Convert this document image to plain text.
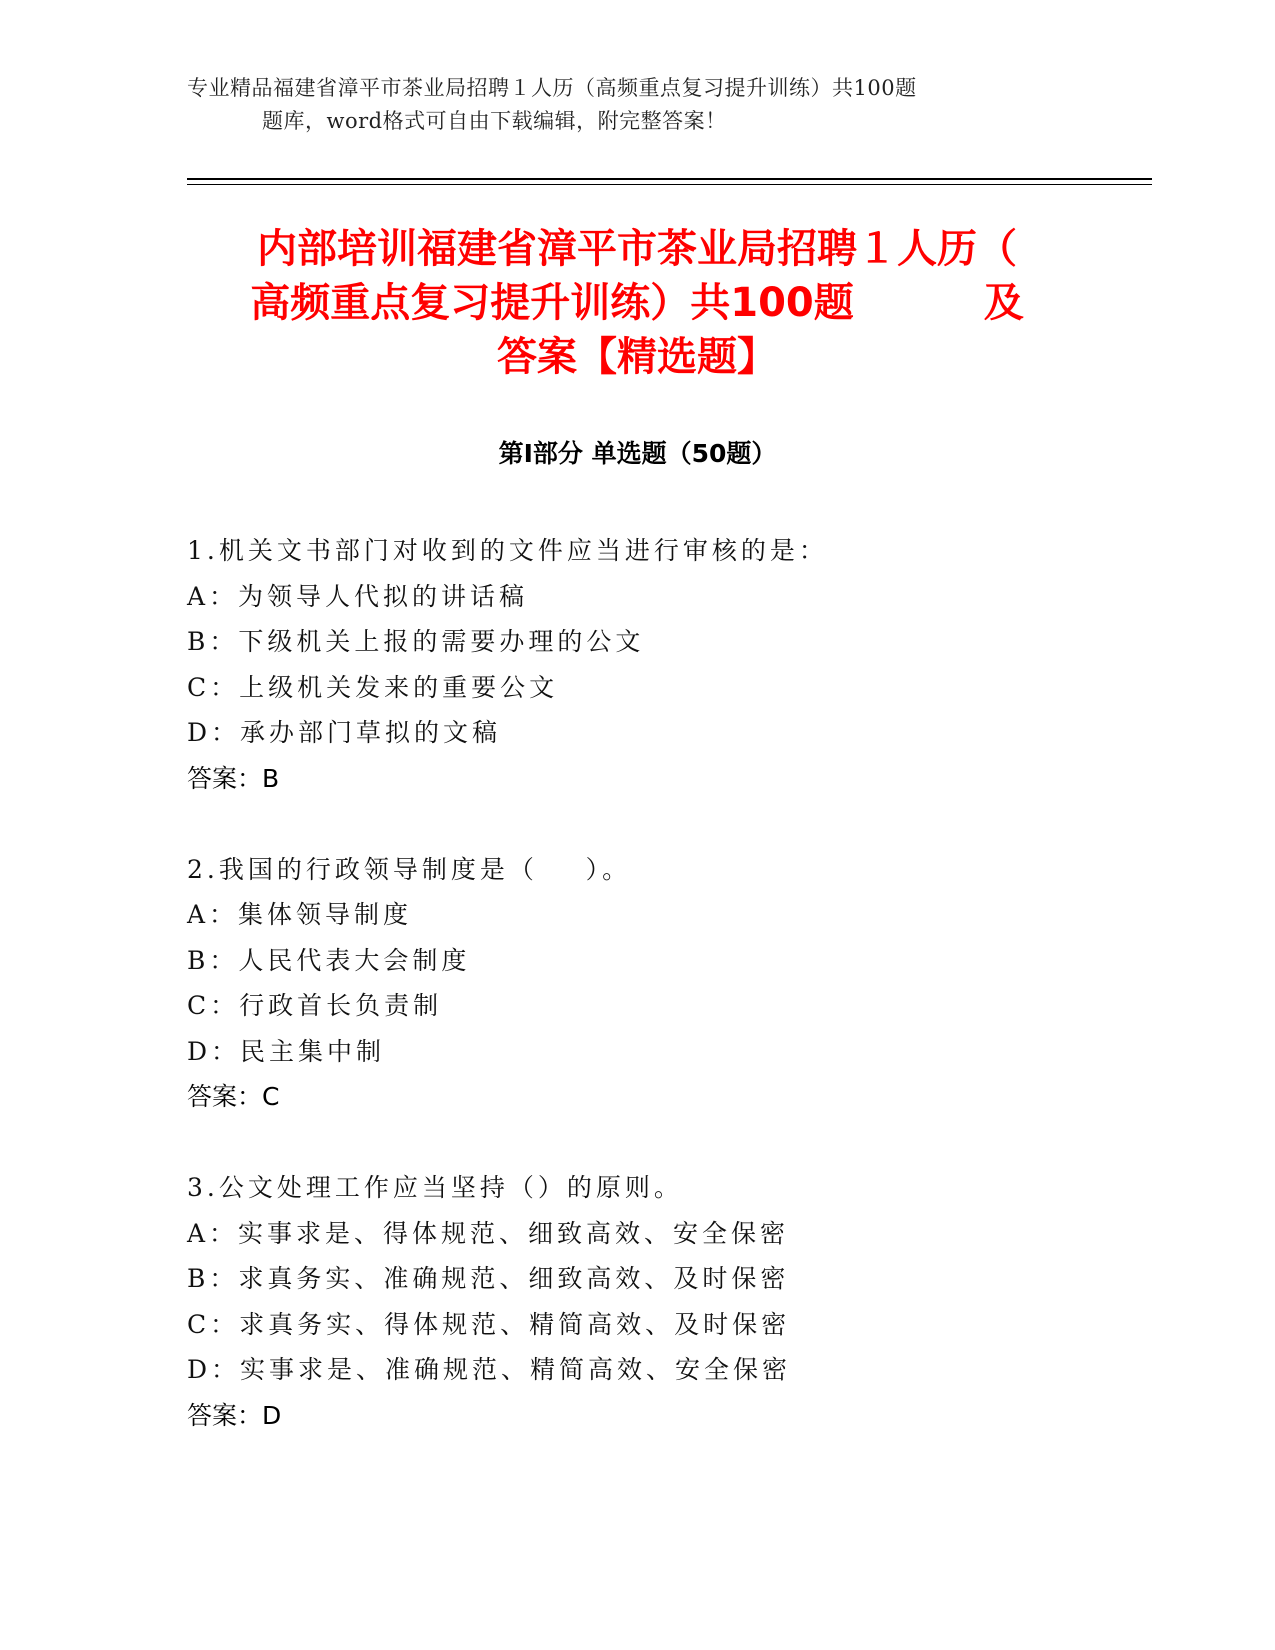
专业精品福建省漳平市茶业局招聘１人历（高频重点复习提升训练）共100题
题库，word格式可自由下载编辑，附完整答案！
内部培训福建省漳平市茶业局招聘１人历（
高频重点复习提升训练）共100题	及
答案【精选题】
第Ⅰ部分 单选题（50题）
1.机关文书部门对收到的文件应当进行审核的是：
A：为领导人代拟的讲话稿
B：下级机关上报的需要办理的公文
C：上级机关发来的重要公文
D：承办部门草拟的文稿
答案：B
2.我国的行政领导制度是（    ）。
A：集体领导制度
B：人民代表大会制度
C：行政首长负责制
D：民主集中制
答案：C
3.公文处理工作应当坚持（）的原则。
A：实事求是、得体规范、细致高效、安全保密
B：求真务实、准确规范、细致高效、及时保密
C：求真务实、得体规范、精简高效、及时保密
D：实事求是、准确规范、精简高效、安全保密
答案：D
